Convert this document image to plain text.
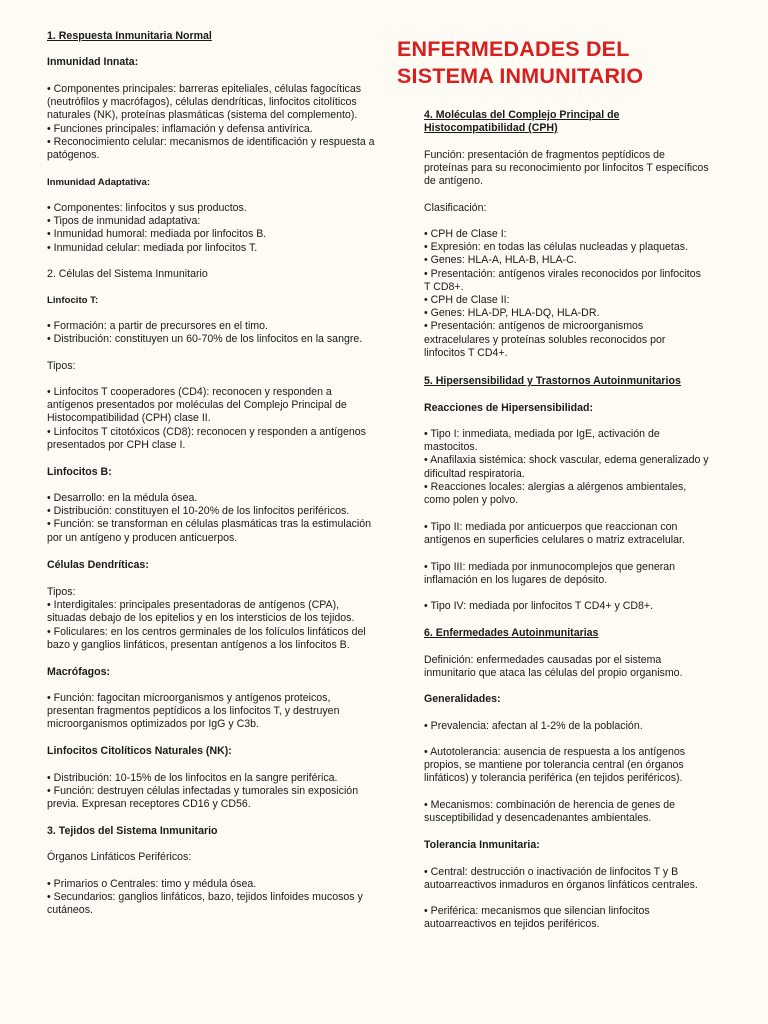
ENFERMEDADES DEL
SISTEMA INMUNITARIO
1. Respuesta Inmunitaria Normal
Inmunidad Innata:
• Componentes principales: barreras epiteliales, células fagocíticas
(neutrófilos y macrófagos), células dendríticas, linfocitos citolíticos
naturales (NK), proteínas plasmáticas (sistema del complemento).
• Funciones principales: inflamación y defensa antivírica.
• Reconocimiento celular: mecanismos de identificación y respuesta a
patógenos.
Inmunidad Adaptativa:
• Componentes: linfocitos y sus productos.
• Tipos de inmunidad adaptativa:
• Inmunidad humoral: mediada por linfocitos B.
• Inmunidad celular: mediada por linfocitos T.
2. Células del Sistema Inmunitario
Linfocito T:
• Formación: a partir de precursores en el timo.
• Distribución: constituyen un 60-70% de los linfocitos en la sangre.
Tipos:
• Linfocitos T cooperadores (CD4): reconocen y responden a
antígenos presentados por moléculas del Complejo Principal de
Histocompatibilidad (CPH) clase II.
• Linfocitos T citotóxicos (CD8): reconocen y responden a antígenos
presentados por CPH clase I.
Linfocitos B:
• Desarrollo: en la médula ósea.
• Distribución: constituyen el 10-20% de los linfocitos periféricos.
• Función: se transforman en células plasmáticas tras la estimulación
por un antígeno y producen anticuerpos.
Células Dendríticas:
Tipos:
• Interdigitales: principales presentadoras de antígenos (CPA),
situadas debajo de los epitelios y en los intersticios de los tejidos.
• Foliculares: en los centros germinales de los folículos linfáticos del
bazo y ganglios linfáticos, presentan antígenos a los linfocitos B.
Macrófagos:
• Función: fagocitan microorganismos y antígenos proteicos,
presentan fragmentos peptídicos a los linfocitos T, y destruyen
microorganismos optimizados por IgG y C3b.
Linfocitos Citolíticos Naturales (NK):
• Distribución: 10-15% de los linfocitos en la sangre periférica.
• Función: destruyen células infectadas y tumorales sin exposición
previa. Expresan receptores CD16 y CD56.
3. Tejidos del Sistema Inmunitario
Órganos Linfáticos Periféricos:
• Primarios o Centrales: timo y médula ósea.
• Secundarios: ganglios linfáticos, bazo, tejidos linfoides mucosos y
cutáneos.
4. Moléculas del Complejo Principal de
Histocompatibilidad (CPH)
Función: presentación de fragmentos peptídicos de
proteínas para su reconocimiento por linfocitos T específicos
de antígeno.
Clasificación:
• CPH de Clase I:
• Expresión: en todas las células nucleadas y plaquetas.
• Genes: HLA-A, HLA-B, HLA-C.
• Presentación: antígenos virales reconocidos por linfocitos
T CD8+.
• CPH de Clase II:
• Genes: HLA-DP, HLA-DQ, HLA-DR.
• Presentación: antígenos de microorganismos
extracelulares y proteínas solubles reconocidos por
linfocitos T CD4+.
5. Hipersensibilidad y Trastornos Autoinmunitarios
Reacciones de Hipersensibilidad:
• Tipo I: inmediata, mediada por IgE, activación de
mastocitos.
• Anafilaxia sistémica: shock vascular, edema generalizado y
dificultad respiratoria.
• Reacciones locales: alergias a alérgenos ambientales,
como polen y polvo.
• Tipo II: mediada por anticuerpos que reaccionan con
antígenos en superficies celulares o matriz extracelular.
• Tipo III: mediada por inmunocomplejos que generan
inflamación en los lugares de depósito.
• Tipo IV: mediada por linfocitos T CD4+ y CD8+.
6. Enfermedades Autoinmunitarias
Definición: enfermedades causadas por el sistema
inmunitario que ataca las células del propio organismo.
Generalidades:
• Prevalencia: afectan al 1-2% de la población.
• Autotolerancia: ausencia de respuesta a los antígenos
propios, se mantiene por tolerancia central (en órganos
linfáticos) y tolerancia periférica (en tejidos periféricos).
• Mecanismos: combinación de herencia de genes de
susceptibilidad y desencadenantes ambientales.
Tolerancia Inmunitaria:
• Central: destrucción o inactivación de linfocitos T y B
autoarreactivos inmaduros en órganos linfáticos centrales.
• Periférica: mecanismos que silencian linfocitos
autoarreactivos en tejidos periféricos.
